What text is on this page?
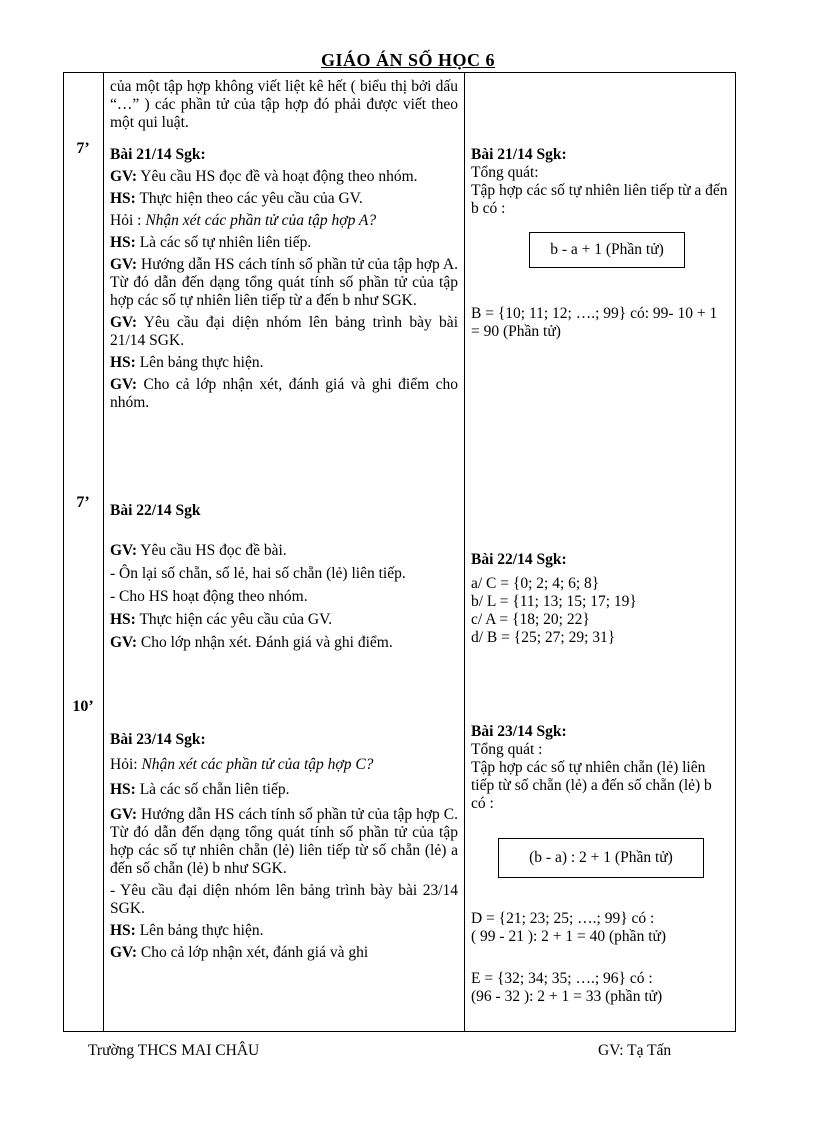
GIÁO ÁN SỐ HỌC 6
7’
7’
10’

của một tập hợp không viết liệt kê hết ( biểu thị bởi dấu “…” ) các phần tử của tập hợp đó phải được viết theo một qui luật.

Bài 21/14 Sgk:

GV: Yêu cầu HS đọc đề và hoạt động theo nhóm.

HS: Thực hiện theo các yêu cầu của GV.

Hỏi : Nhận xét các phần tử của tập hợp A?

HS: Là các số tự nhiên liên tiếp.

GV: Hướng dẫn HS cách tính số phần tử của tập hợp A. Từ đó dẫn đến dạng tổng quát tính số phần tử của tập hợp các số tự nhiên liên tiếp từ a đến b như SGK.

GV: Yêu cầu đại diện nhóm lên bảng trình bày bài 21/14 SGK.

HS: Lên bảng thực hiện.

GV: Cho cả lớp nhận xét, đánh giá và ghi điểm cho nhóm.

Bài 22/14 Sgk

GV: Yêu cầu HS đọc đề bài.

- Ôn lại số chẵn, số lẻ, hai số chẵn (lẻ) liên tiếp.

- Cho HS hoạt động theo nhóm.

HS: Thực hiện các yêu cầu của GV.

GV: Cho lớp nhận xét. Đánh giá và ghi điểm.

Bài 23/14 Sgk:

Hỏi: Nhận xét các phần tử của tập hợp C?

HS: Là các số chẵn liên tiếp.

GV: Hướng dẫn HS cách tính số phần tử của tập hợp C. Từ đó dẫn đến dạng tổng quát tính số phần tử của tập hợp các số tự nhiên chẵn (lẻ) liên tiếp từ số chẵn (lẻ) a đến số chẵn (lẻ) b như SGK.

- Yêu cầu đại diện nhóm lên bảng trình bày bài 23/14 SGK.

HS: Lên bảng thực hiện.

GV: Cho cả lớp nhận xét, đánh giá và ghi

Bài 21/14 Sgk:

Tổng quát:

Tập hợp các số tự nhiên liên tiếp từ a đến b có :

b - a + 1 (Phần tử)

B = {10; 11; 12; ….; 99} có: 99- 10 + 1 = 90 (Phần tử)

Bài 22/14 Sgk:

a/ C = {0; 2; 4; 6; 8}

b/ L = {11; 13; 15; 17; 19}

c/ A = {18; 20; 22}

d/ B = {25; 27; 29; 31}

Bài 23/14 Sgk:

Tổng quát :

Tập hợp các số tự nhiên chẵn (lẻ) liên tiếp từ số chẵn (lẻ) a đến số chẵn (lẻ) b có :

(b - a) : 2 + 1 (Phần tử)

D = {21; 23; 25; ….; 99} có :

( 99 - 21 ): 2 + 1 = 40 (phần tử)

E = {32; 34; 35; ….; 96} có :

(96 - 32 ): 2 + 1 = 33 (phần tử)

Trường THCS MAI CHÂU	GV: Tạ Tấn
